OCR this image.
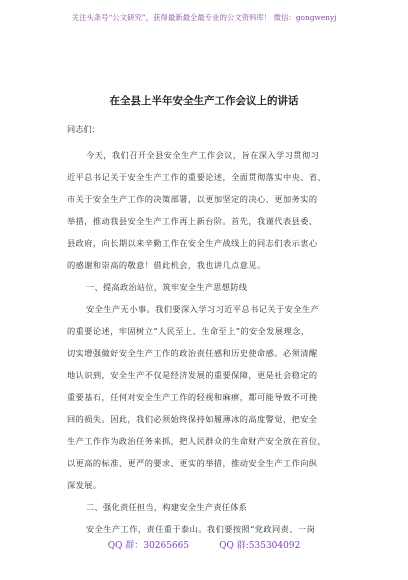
关注头条号“公文研究”，获得最新最全最专业的公文资料库！ 微信：gongwenyj
在全县上半年安全生产工作会议上的讲话
同志们：
今天，我们召开全县安全生产工作会议，旨在深入学习贯彻习
近平总书记关于安全生产工作的重要论述，全面贯彻落实中央、省、
市关于安全生产工作的决策部署，以更加坚定的决心、更加务实的
举措，推动我县安全生产工作再上新台阶。首先，我谨代表县委、
县政府，向长期以来辛勤工作在安全生产战线上的同志们表示衷心
的感谢和崇高的敬意！借此机会，我也讲几点意见。
一、提高政治站位，筑牢安全生产思想防线
安全生产无小事。我们要深入学习习近平总书记关于安全生产
的重要论述，牢固树立“人民至上、生命至上”的安全发展理念，
切实增强做好安全生产工作的政治责任感和历史使命感。必须清醒
地认识到，安全生产不仅是经济发展的重要保障，更是社会稳定的
重要基石，任何对安全生产工作的轻视和麻痹，都可能导致不可挽
回的损失。因此，我们必须始终保持如履薄冰的高度警觉，把安全
生产工作作为政治任务来抓，把人民群众的生命财产安全放在首位，
以更高的标准、更严的要求、更实的举措，推动安全生产工作向纵
深发展。
二、强化责任担当，构建安全生产责任体系
安全生产工作，责任重于泰山。我们要按照“党政同责、一岗
QQ 群：30265665	QQ 群:535304092
